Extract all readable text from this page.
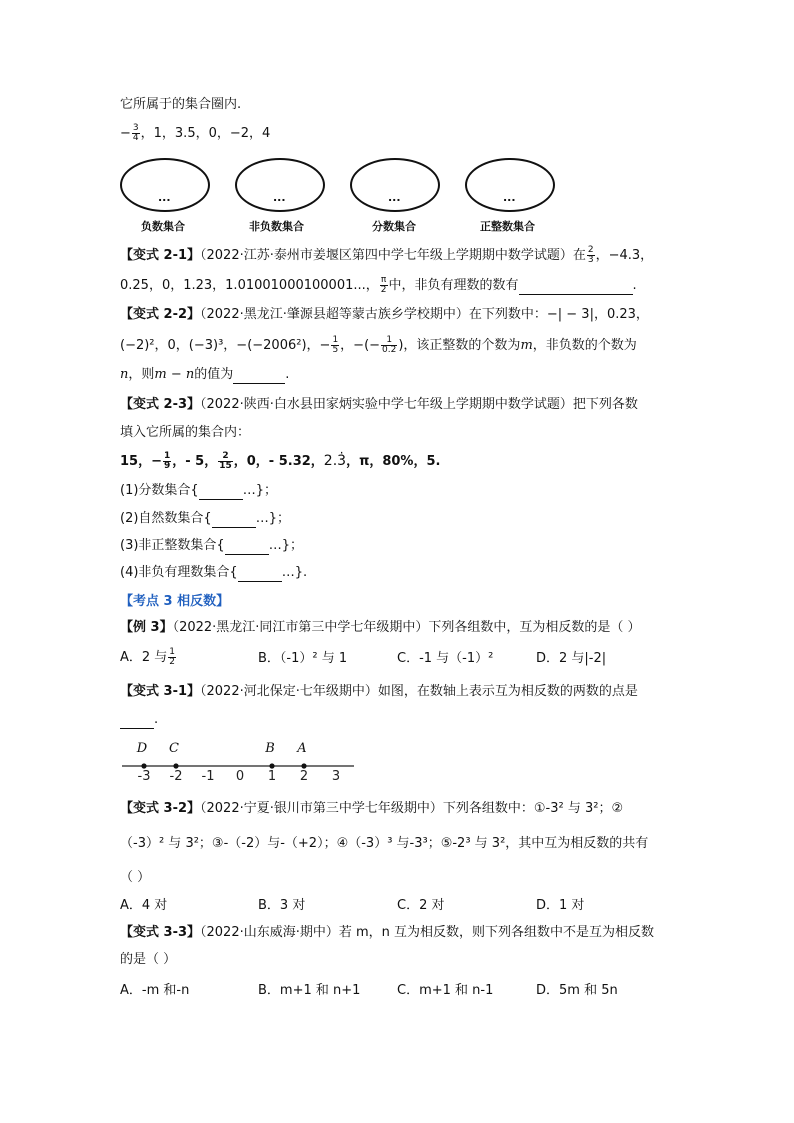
它所属于的集合圈内.
− $\frac{3}{4}$ ，1，3.5，0，−2，4
...
负数集合
...
非负数集合
...
分数集合
...
正整数集合
【变式 2-1】（2022·江苏·泰州市姜堰区第四中学七年级上学期期中数学试题）在 $\frac{2}{3}$ ，−4.3，
0.25，0，1.23，1.01001000100001...， $\frac{\pi}{2}$ 中，非负有理数的数有	.
【变式 2-2】（2022·黑龙江·肇源县超等蒙古族乡学校期中）在下列数中：−| − 3|，0.23，
(−2)²，0，(−3)³，−(−2006²)，− $\frac{1}{5}$ ，−(− $\frac{1}{0.2}$ )，该正整数的个数为m，非负数的个数为
n，则m − n的值为	.
【变式 2-3】（2022·陕西·白水县田家炳实验中学七年级上学期期中数学试题）把下列各数
填入它所属的集合内：
15，− $\frac{1}{9}$ ，- 5， $\frac{2}{15}$ ，0，- 5.32，2.3̇，π，80%，5.
(1)分数集合{	…}；
(2)自然数集合{	…}；
(3)非正整数集合{	…}；
(4)非负有理数集合{	…}.
【考点 3 相反数】
【例 3】（2022·黑龙江·同江市第三中学七年级期中）下列各组数中，互为相反数的是（ ）
A．2 与 $\frac{1}{2}$	B．（-1）² 与 1	C．-1 与（-1）²	D．2 与|-2|
【变式 3-1】（2022·河北保定·七年级期中）如图，在数轴上表示互为相反数的两数的点是
.
-3 -2 -1 0 1 2 3
D C	B A
【变式 3-2】（2022·宁夏·银川市第三中学七年级期中）下列各组数中：①-3² 与 3²；②
（-3）² 与 3²；③-（-2）与-（+2）；④（-3）³ 与-3³；⑤-2³ 与 3²，其中互为相反数的共有
（ ）
A．4 对	B．3 对	C．2 对	D．1 对
【变式 3-3】（2022·山东威海·期中）若 m，n 互为相反数，则下列各组数中不是互为相反数
的是（ ）
A．-m 和-n	B．m+1 和 n+1	C．m+1 和 n-1	D．5m 和 5n
